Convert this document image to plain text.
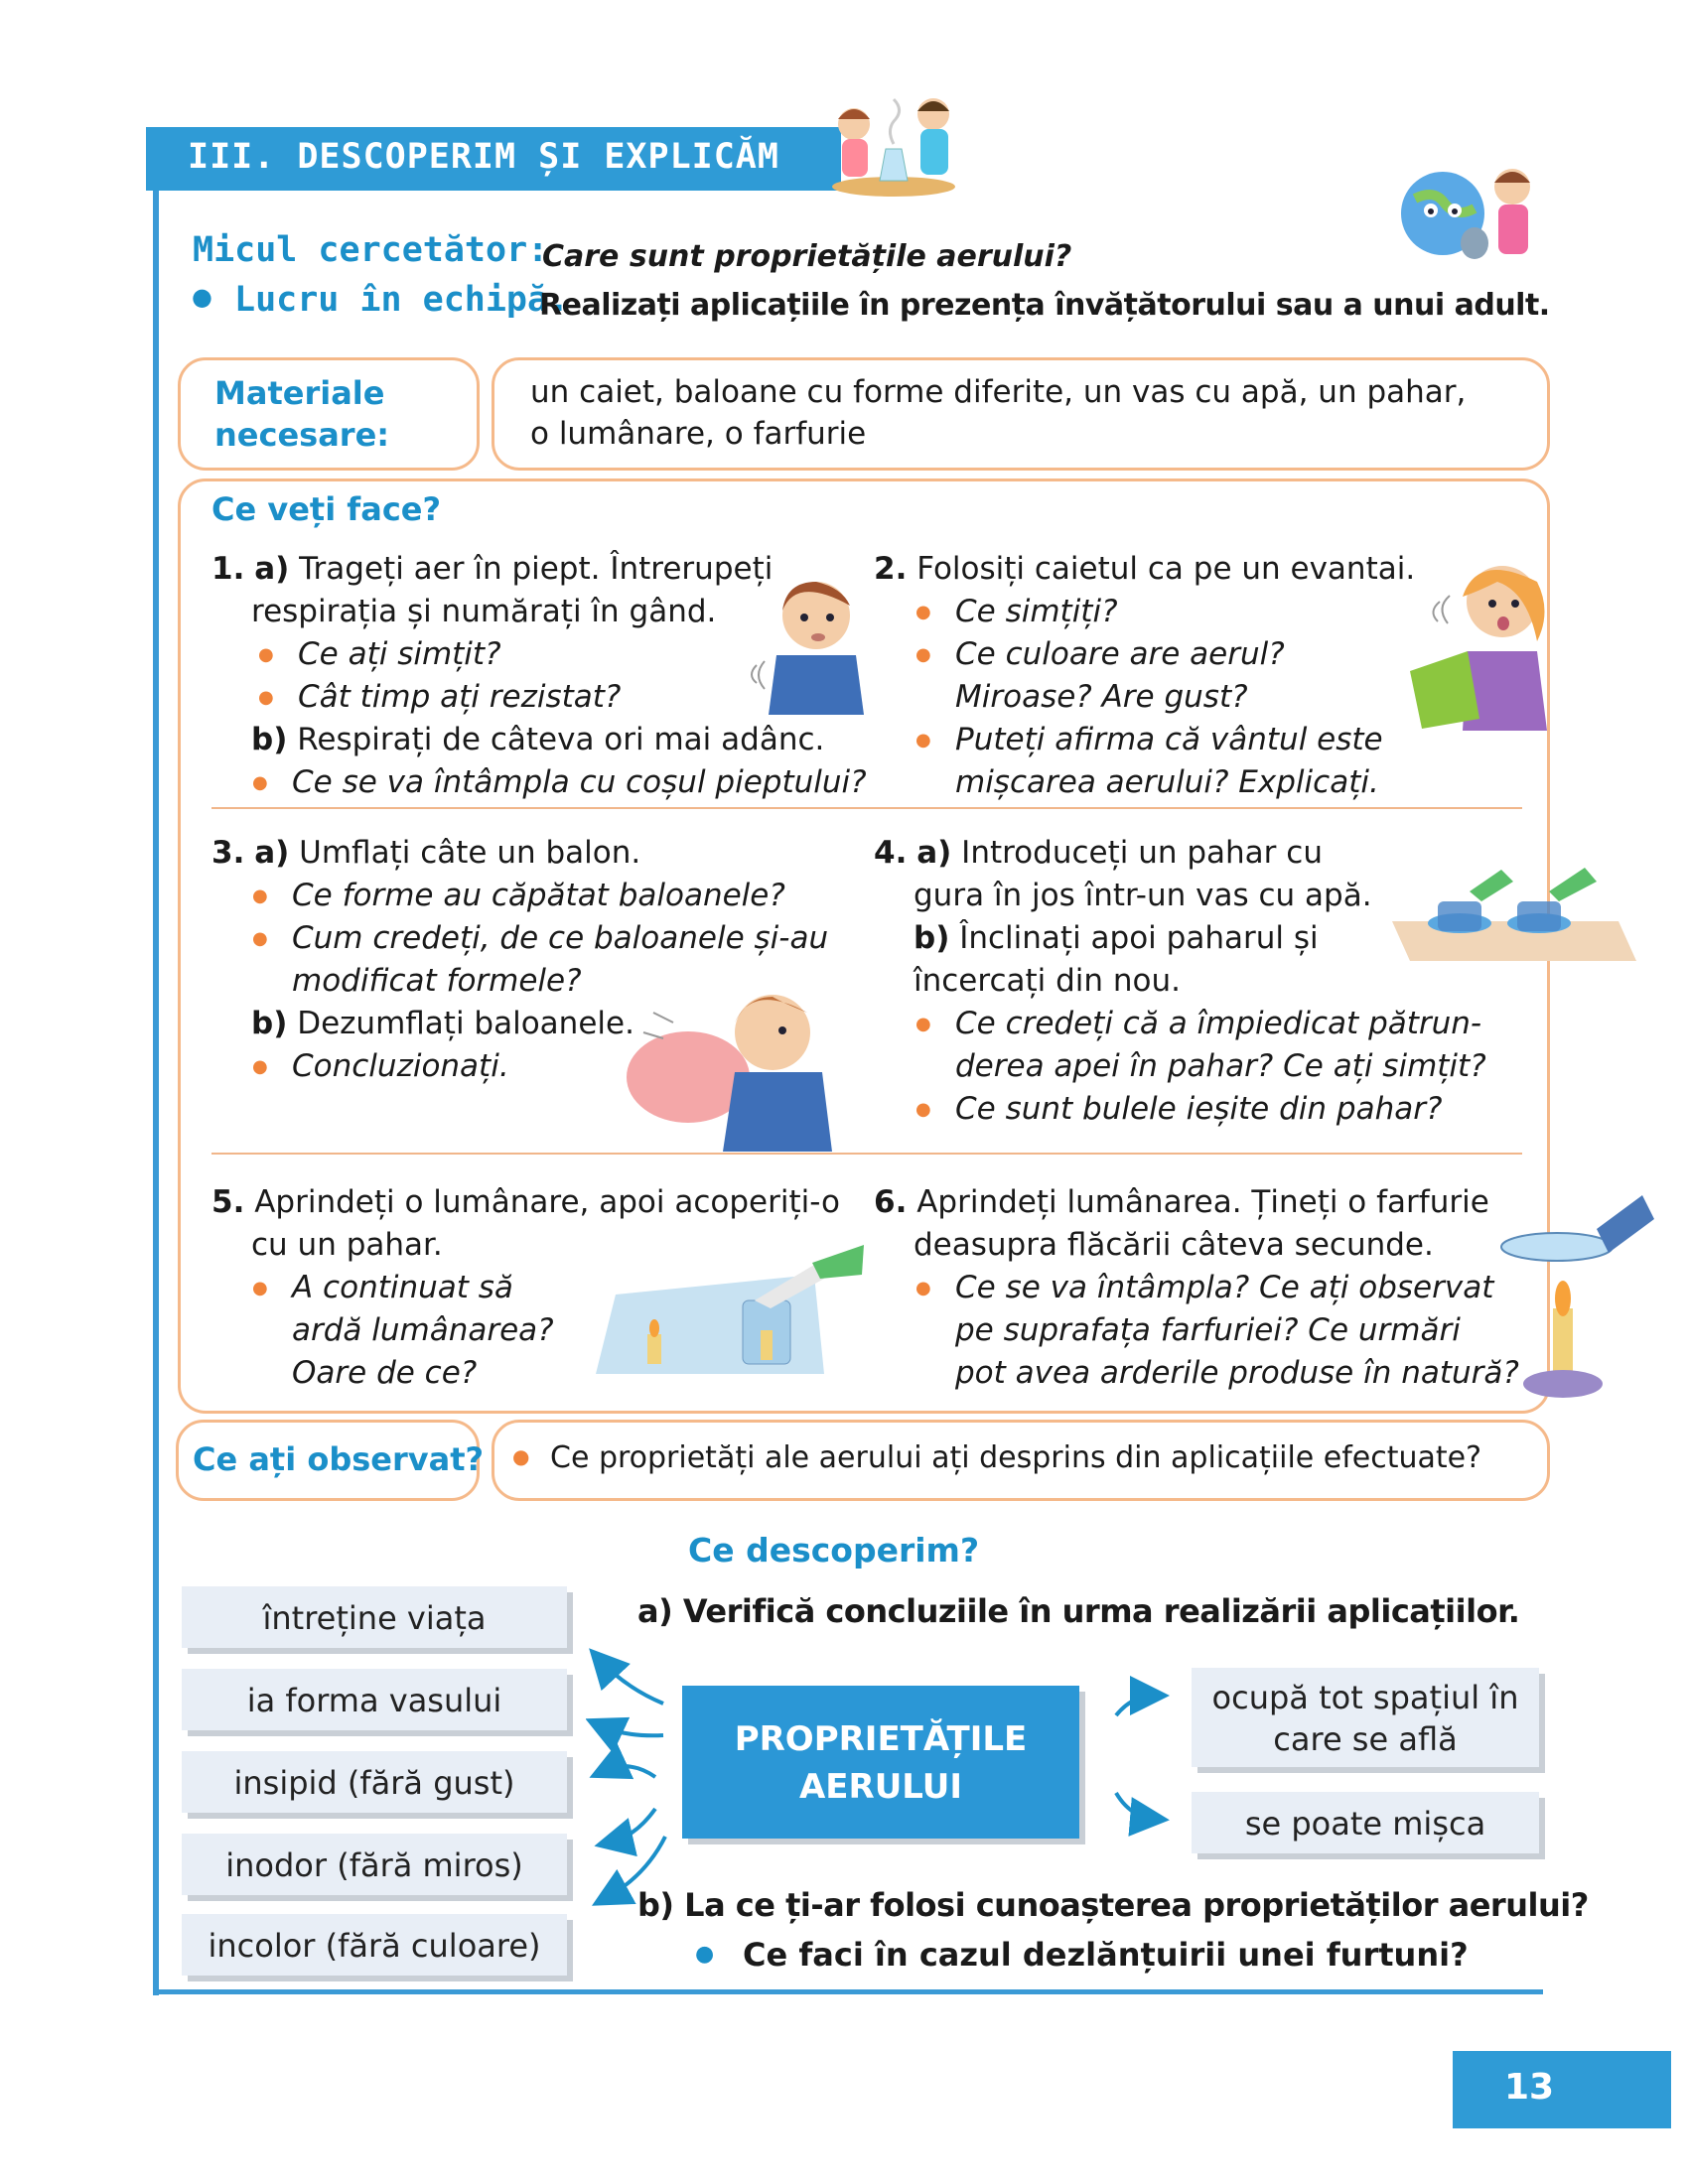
III. DESCOPERIM ȘI EXPLICĂM
Micul cercetător:
Care sunt proprietățile aerului?
● Lucru în echipă.
Realizați aplicațiile în prezența învățătorului sau a unui adult.
Materiale
necesare:
un caiet, baloane cu forme diferite, un vas cu apă, un pahar,
o lumânare, o farfurie
Ce veți face?
1. a) Trageți aer în piept. Întrerupeți
respirația și numărați în gând.
● Ce ați simțit?
● Cât timp ați rezistat?
b) Respirați de câteva ori mai adânc.
● Ce se va întâmpla cu coșul pieptului?
2. Folosiți caietul ca pe un evantai.
● Ce simțiți?
● Ce culoare are aerul?
Miroase? Are gust?
● Puteți afirma că vântul este
mișcarea aerului? Explicați.
3. a) Umflați câte un balon.
● Ce forme au căpătat baloanele?
● Cum credeți, de ce baloanele și-au
modificat formele?
b) Dezumflați baloanele.
● Concluzionați.
4. a) Introduceți un pahar cu
gura în jos într-un vas cu apă.
b) Înclinați apoi paharul și
încercați din nou.
● Ce credeți că a împiedicat pătrun-
derea apei în pahar? Ce ați simțit?
● Ce sunt bulele ieșite din pahar?
5. Aprindeți o lumânare, apoi acoperiți-o
cu un pahar.
● A continuat să
ardă lumânarea?
Oare de ce?
6. Aprindeți lumânarea. Țineți o farfurie
deasupra flăcării câteva secunde.
● Ce se va întâmpla? Ce ați observat
pe suprafața farfuriei? Ce urmări
pot avea arderile produse în natură?
Ce ați observat? ● Ce proprietăți ale aerului ați desprins din aplicațiile efectuate?
Ce descoperim?
a) Verifică concluziile în urma realizării aplicațiilor.
întreține viața
ia forma vasului
insipid (fără gust)
inodor (fără miros)
incolor (fără culoare)
PROPRIETĂȚILE
AERULUI
ocupă tot spațiul în
care se află
se poate mișca
b) La ce ți-ar folosi cunoașterea proprietăților aerului?
● Ce faci în cazul dezlănțuirii unei furtuni?
13
